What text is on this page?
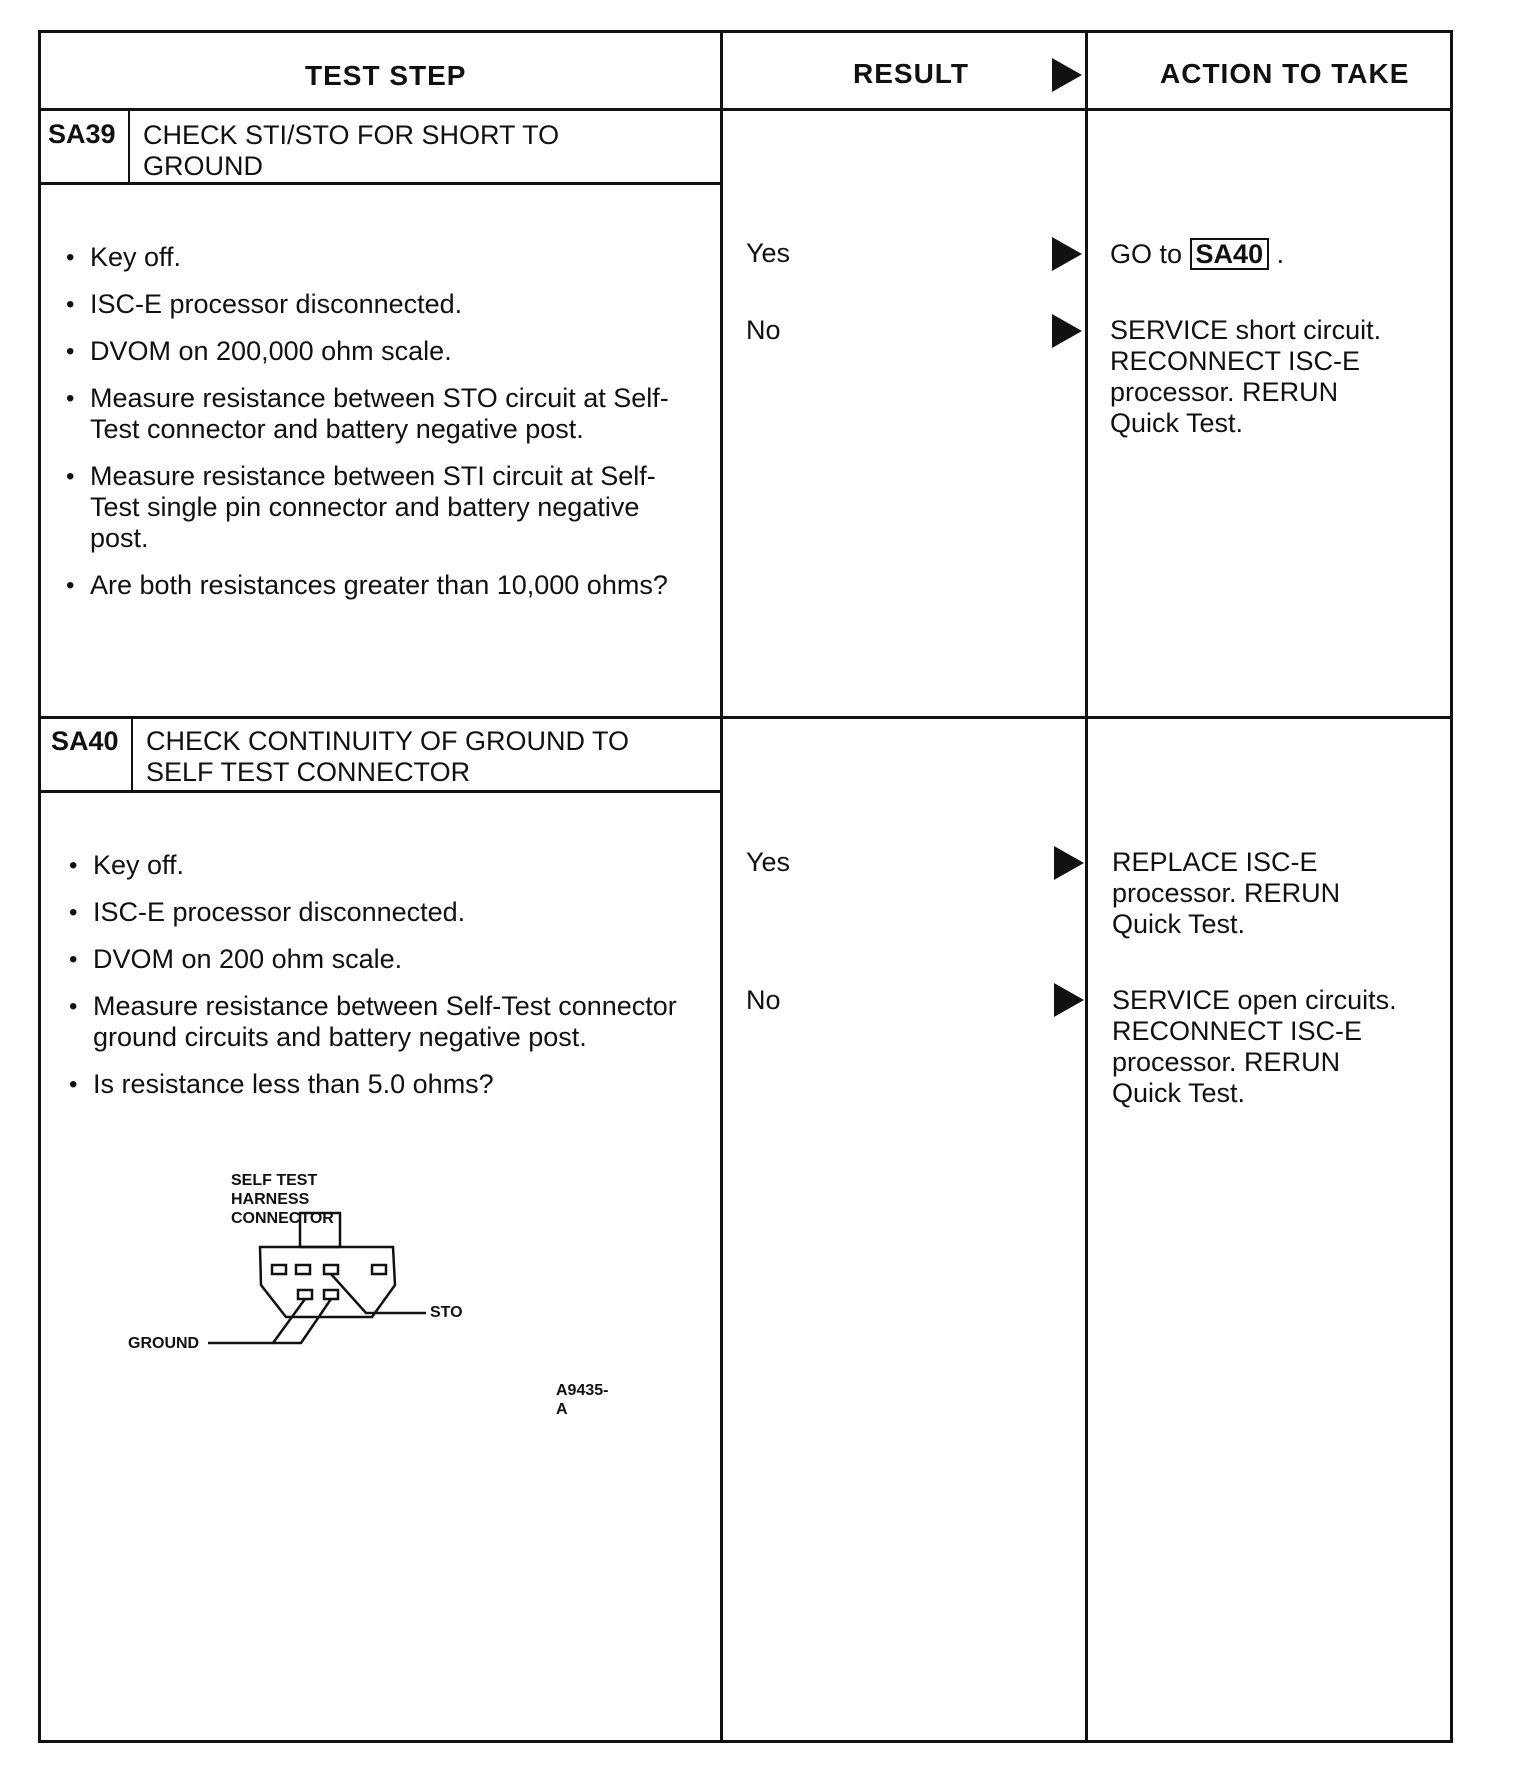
TEST STEP	RESULT	ACTION TO TAKE
SA39 CHECK STI/STO FOR SHORT TO
GROUND
• Key off.
• ISC-E processor disconnected.
• DVOM on 200,000 ohm scale.
• Measure resistance between STO circuit at Self-Test connector and battery negative post.
• Measure resistance between STI circuit at Self-Test single pin connector and battery negative post.
• Are both resistances greater than 10,000 ohms?
Yes	GO to SA40 .
No	SERVICE short circuit.
RECONNECT ISC-E
processor. RERUN
Quick Test.
SA40 CHECK CONTINUITY OF GROUND TO
SELF TEST CONNECTOR
• Key off.
• ISC-E processor disconnected.
• DVOM on 200 ohm scale.
• Measure resistance between Self-Test connector ground circuits and battery negative post.
• Is resistance less than 5.0 ohms?
Yes	REPLACE ISC-E
processor. RERUN
Quick Test.
No	SERVICE open circuits.
RECONNECT ISC-E
processor. RERUN
Quick Test.
SELF TEST HARNESS
CONNECTOR
STO
GROUND
A9435-A
